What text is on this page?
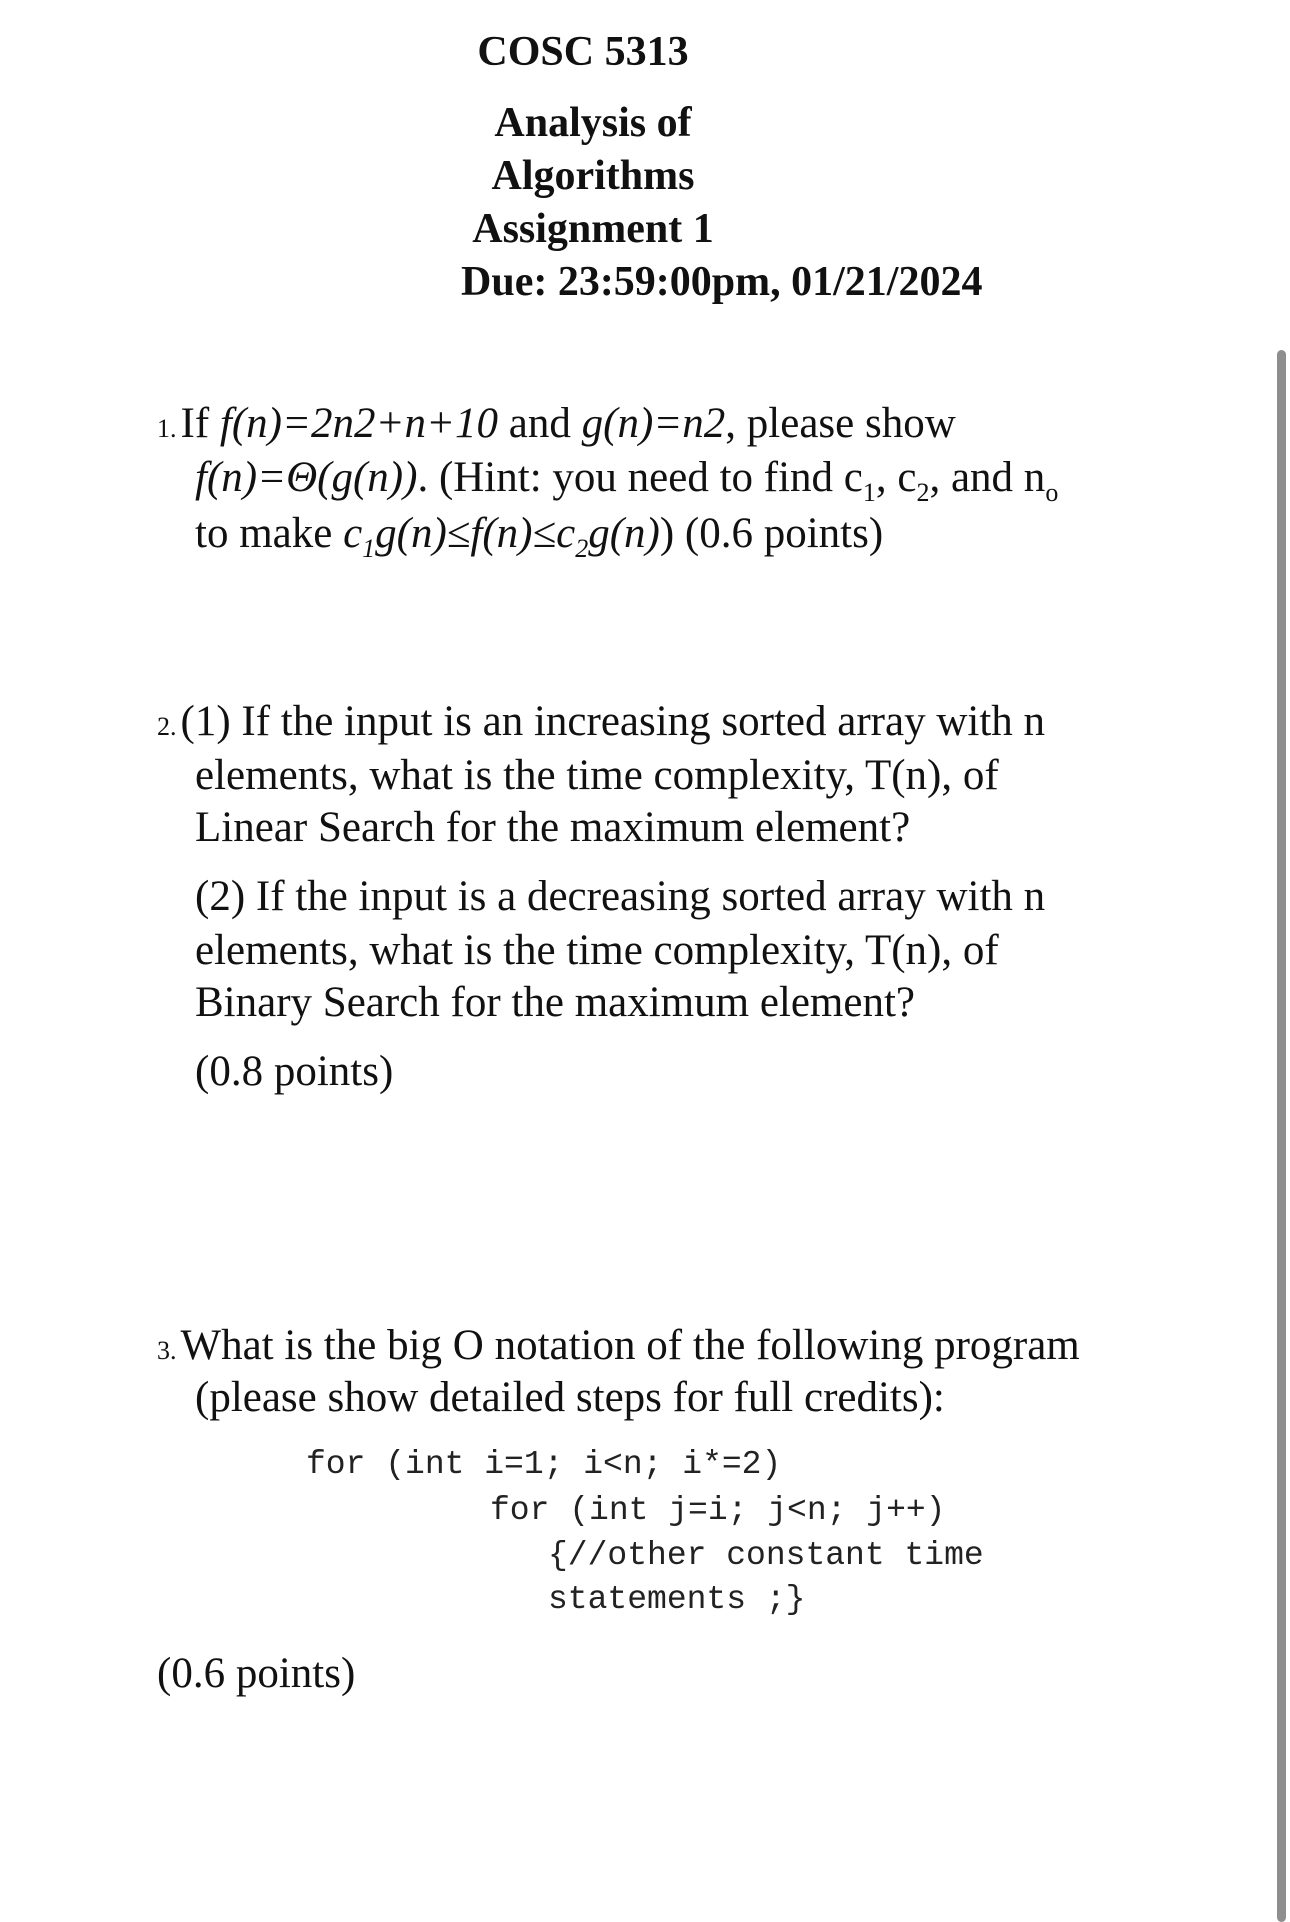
COSC 5313
Analysis of
Algorithms
Assignment 1
Due: 23:59:00pm, 01/21/2024
1.If f(n)=2n2+n+10 and g(n)=n2, please show
f(n)=Θ(g(n)). (Hint: you need to find $c_1$, $c_2$, and $n_o$
to make $c_1g(n)\le f(n)\le c_2g(n)$) (0.6 points)
2.(1) If the input is an increasing sorted array with n
elements, what is the time complexity, T(n), of
Linear Search for the maximum element?
(2) If the input is a decreasing sorted array with n
elements, what is the time complexity, T(n), of
Binary Search for the maximum element?
(0.8 points)
3.What is the big O notation of the following program
(please show detailed steps for full credits):
for (int i=1; i<n; i*=2)
for (int j=i; j<n; j++)
{//other constant time
statements ;}
(0.6 points)
